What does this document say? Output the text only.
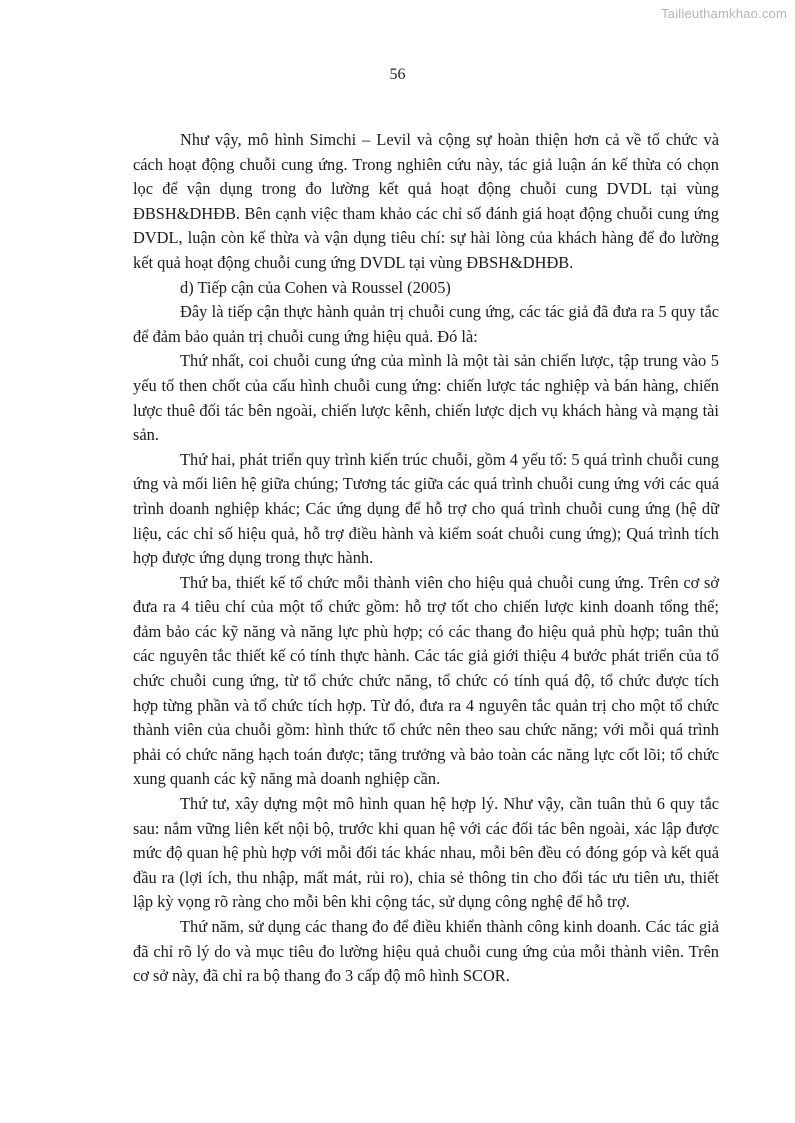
Tailieuthamkhao.com
56

Như vậy, mô hình Simchi – Levil và cộng sự hoàn thiện hơn cả về tổ chức và cách hoạt động chuỗi cung ứng. Trong nghiên cứu này, tác giả luận án kế thừa có chọn lọc để vận dụng trong đo lường kết quả hoạt động chuỗi cung DVDL tại vùng ĐBSH&DHĐB. Bên cạnh việc tham khảo các chỉ số đánh giá hoạt động chuỗi cung ứng DVDL, luận còn kế thừa và vận dụng tiêu chí: sự hài lòng của khách hàng để đo lường kết quả hoạt động chuỗi cung ứng DVDL tại vùng ĐBSH&DHĐB.

d) Tiếp cận của Cohen và Roussel (2005)

Đây là tiếp cận thực hành quản trị chuỗi cung ứng, các tác giả đã đưa ra 5 quy tắc để đảm bảo quản trị chuỗi cung ứng hiệu quả. Đó là:

Thứ nhất, coi chuỗi cung ứng của mình là một tài sản chiến lược, tập trung vào 5 yếu tố then chốt của cấu hình chuỗi cung ứng: chiến lược tác nghiệp và bán hàng, chiến lược thuê đối tác bên ngoài, chiến lược kênh, chiến lược dịch vụ khách hàng và mạng tài sản.

Thứ hai, phát triển quy trình kiến trúc chuỗi, gồm 4 yếu tố: 5 quá trình chuỗi cung ứng và mối liên hệ giữa chúng; Tương tác giữa các quá trình chuỗi cung ứng với các quá trình doanh nghiệp khác; Các ứng dụng để hỗ trợ cho quá trình chuỗi cung ứng (hệ dữ liệu, các chỉ số hiệu quả, hỗ trợ điều hành và kiểm soát chuỗi cung ứng); Quá trình tích hợp được ứng dụng trong thực hành.

Thứ ba, thiết kế tổ chức mỗi thành viên cho hiệu quả chuỗi cung ứng. Trên cơ sở đưa ra 4 tiêu chí của một tổ chức gồm: hỗ trợ tốt cho chiến lược kinh doanh tổng thể; đảm bảo các kỹ năng và năng lực phù hợp; có các thang đo hiệu quả phù hợp; tuân thủ các nguyên tắc thiết kế có tính thực hành. Các tác giả giới thiệu 4 bước phát triển của tổ chức chuỗi cung ứng, từ tổ chức chức năng, tổ chức có tính quá độ, tổ chức được tích hợp từng phần và tổ chức tích hợp. Từ đó, đưa ra 4 nguyên tắc quản trị cho một tổ chức thành viên của chuỗi gồm: hình thức tổ chức nên theo sau chức năng; với mỗi quá trình phải có chức năng hạch toán được; tăng trưởng và bảo toàn các năng lực cốt lõi; tổ chức xung quanh các kỹ năng mà doanh nghiệp cần.

Thứ tư, xây dựng một mô hình quan hệ hợp lý. Như vậy, cần tuân thủ 6 quy tắc sau: nắm vững liên kết nội bộ, trước khi quan hệ với các đối tác bên ngoài, xác lập được mức độ quan hệ phù hợp với mỗi đối tác khác nhau, mỗi bên đều có đóng góp và kết quả đầu ra (lợi ích, thu nhập, mất mát, rủi ro), chia sẻ thông tin cho đối tác ưu tiên ưu, thiết lập kỳ vọng rõ ràng cho mỗi bên khi cộng tác, sử dụng công nghệ để hỗ trợ.

Thứ năm, sử dụng các thang đo để điều khiển thành công kinh doanh. Các tác giả đã chỉ rõ lý do và mục tiêu đo lường hiệu quả chuỗi cung ứng của mỗi thành viên. Trên cơ sở này, đã chỉ ra bộ thang đo 3 cấp độ mô hình SCOR.
